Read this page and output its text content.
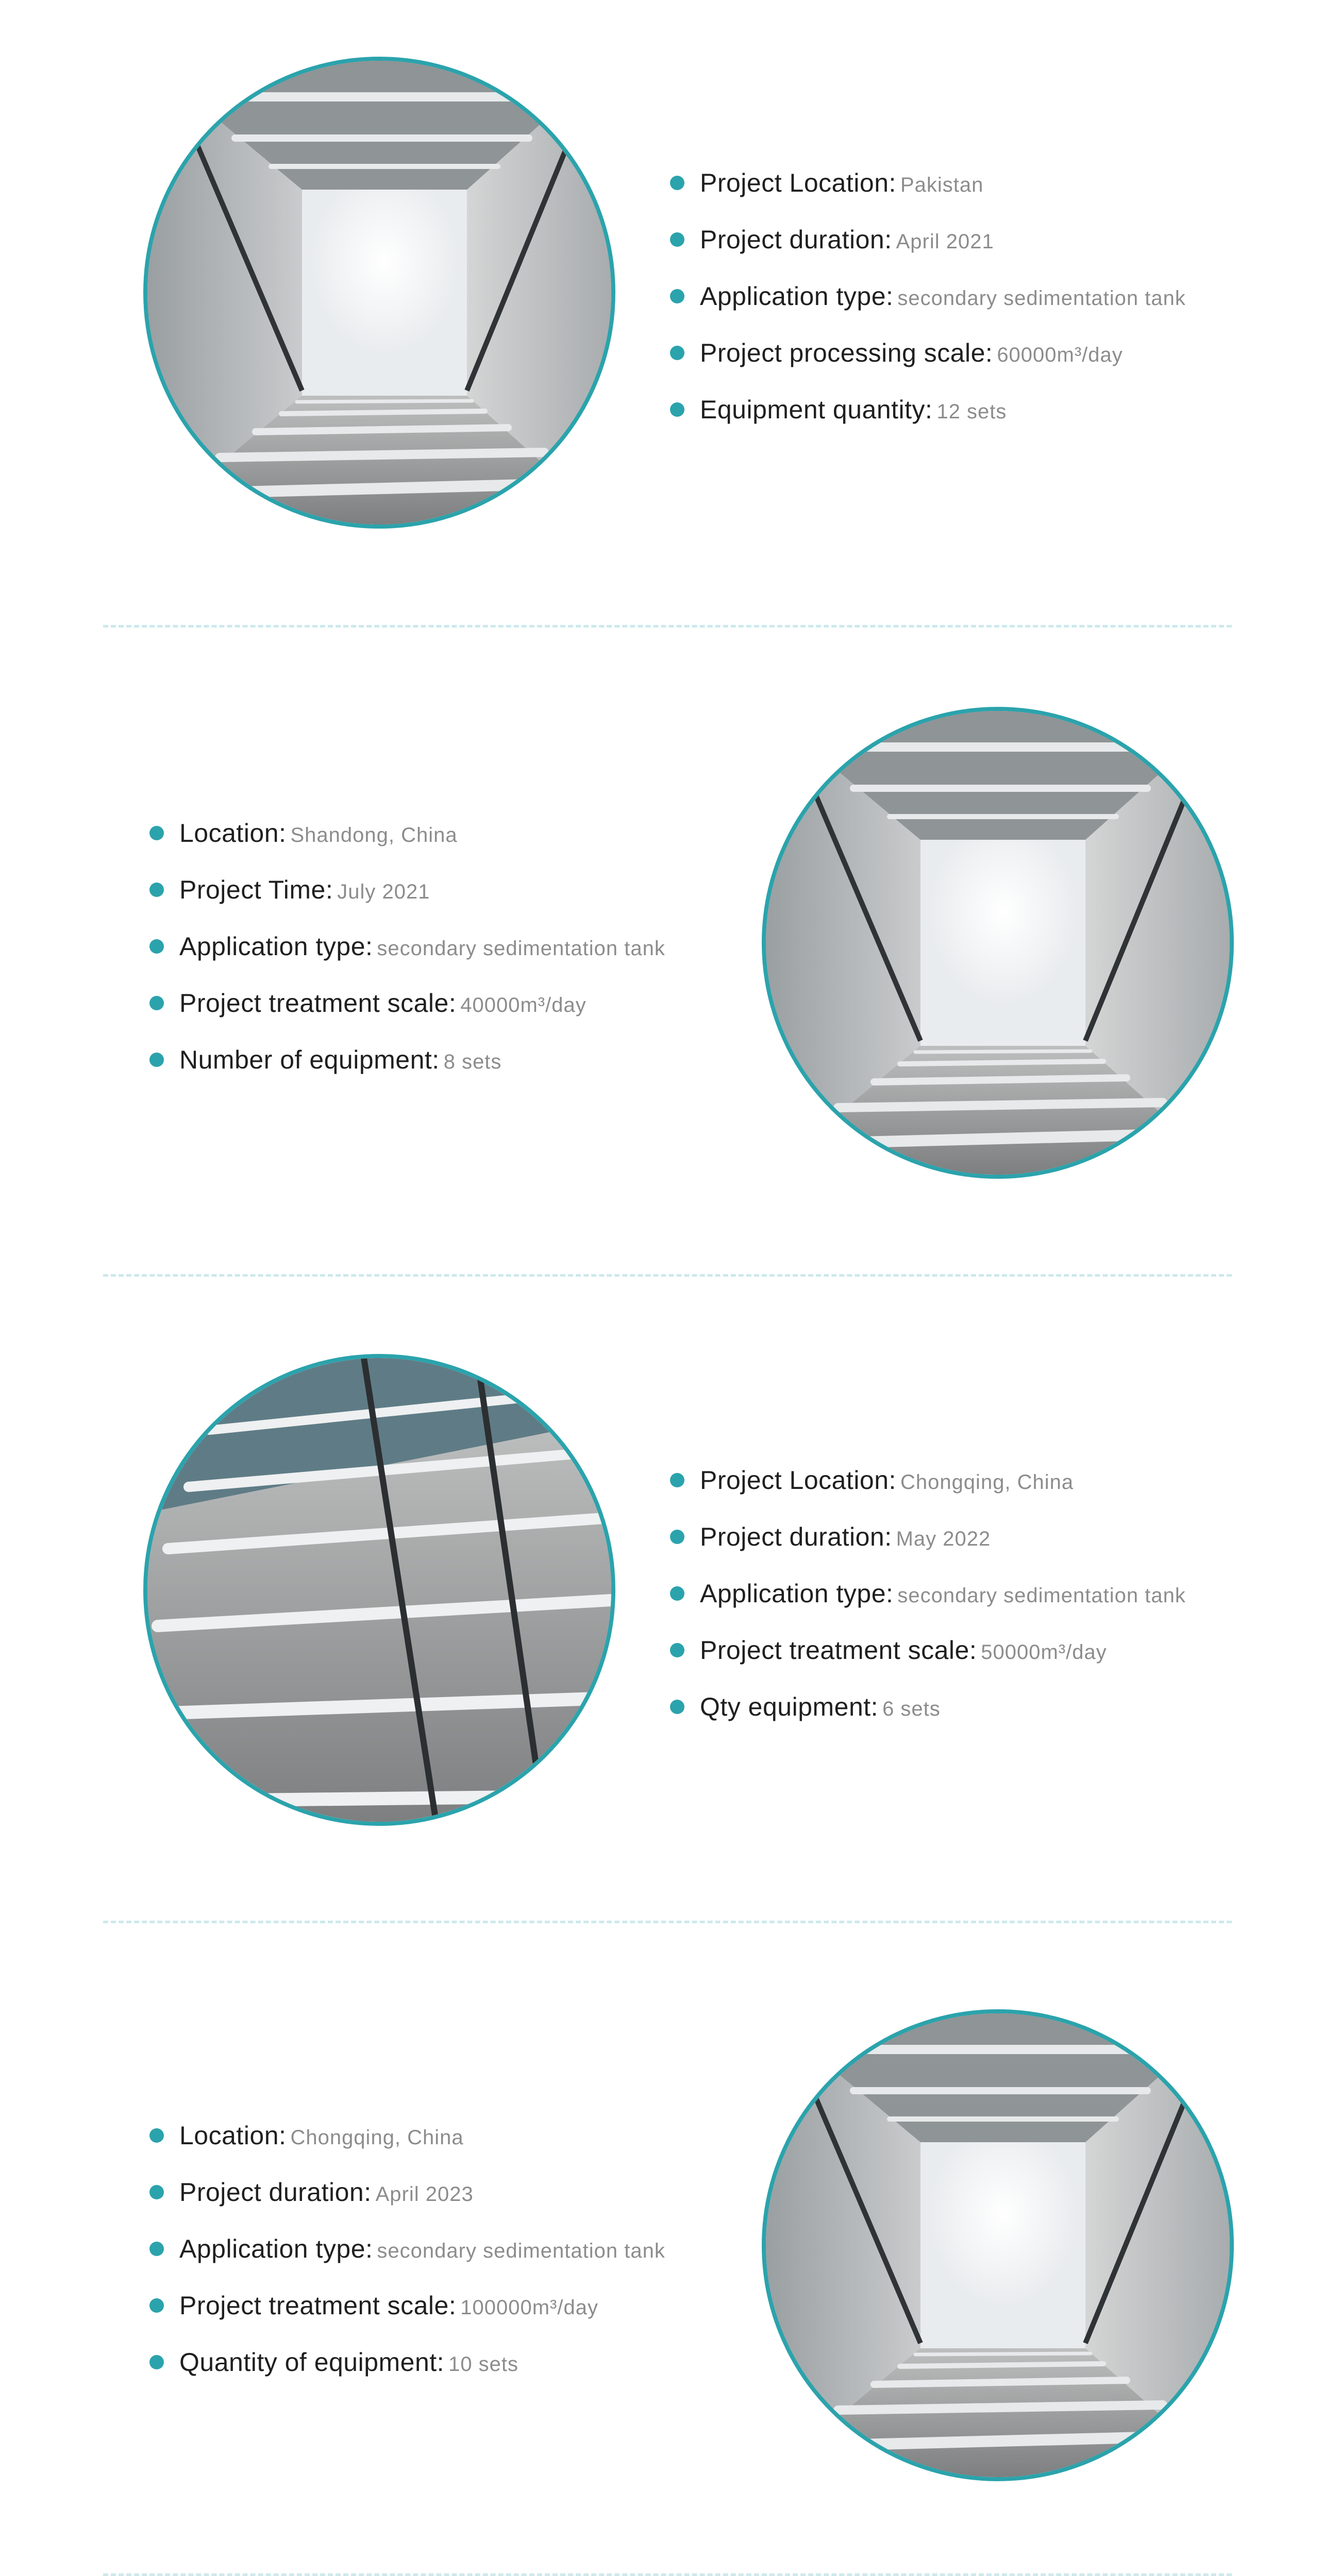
Project Location: Pakistan
Project duration: April 2021
Application type: secondary sedimentation tank
Project processing scale: 60000m³/day
Equipment quantity: 12 sets
Location: Shandong, China
Project Time: July 2021
Application type: secondary sedimentation tank
Project treatment scale: 40000m³/day
Number of equipment: 8 sets
Project Location: Chongqing, China
Project duration: May 2022
Application type: secondary sedimentation tank
Project treatment scale: 50000m³/day
Qty equipment: 6 sets
Location: Chongqing, China
Project duration: April 2023
Application type: secondary sedimentation tank
Project treatment scale: 100000m³/day
Quantity of equipment: 10 sets
